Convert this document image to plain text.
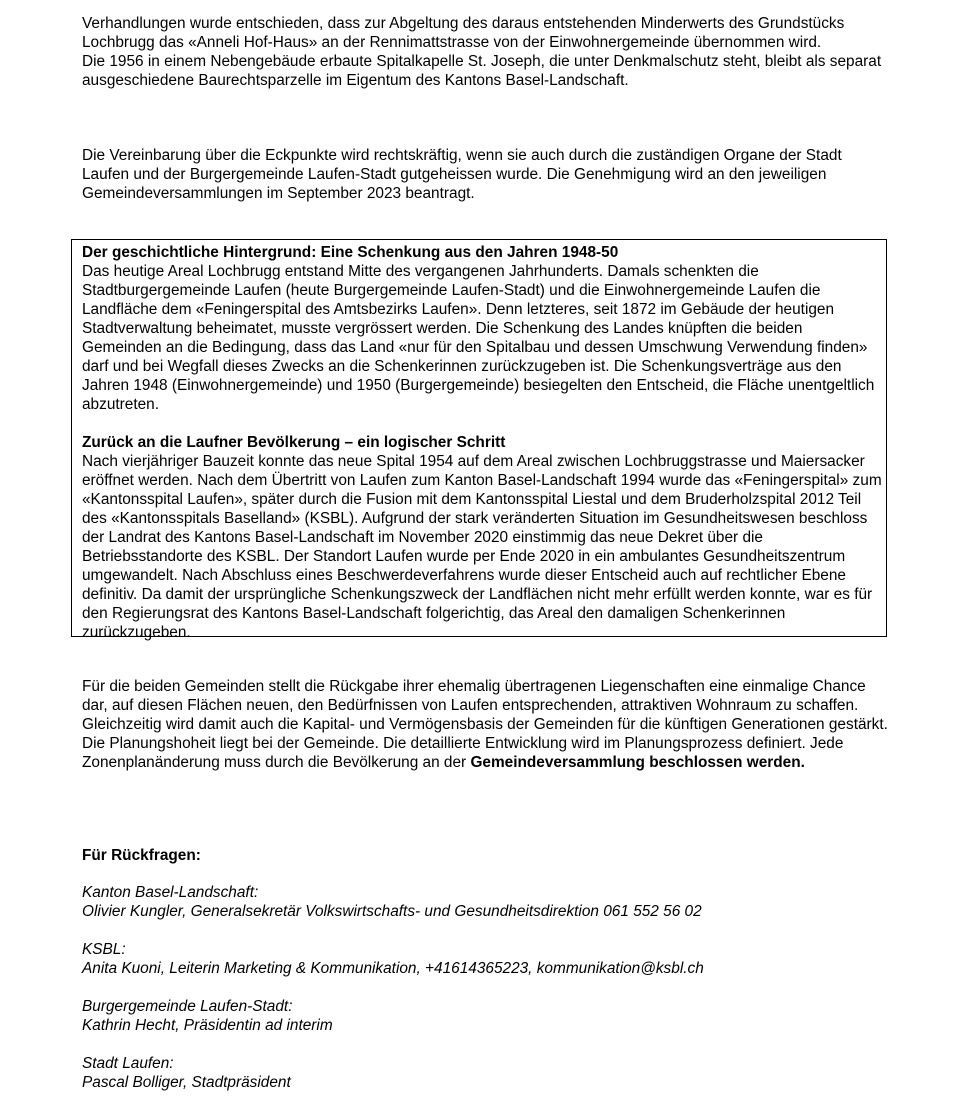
Verhandlungen wurde entschieden, dass zur Abgeltung des daraus entstehenden Minderwerts des Grundstücks Lochbrugg das «Anneli Hof-Haus» an der Rennimattstrasse von der Einwohnergemeinde übernommen wird.

Die 1956 in einem Nebengebäude erbaute Spitalkapelle St. Joseph, die unter Denkmalschutz steht, bleibt als separat ausgeschiedene Baurechtsparzelle im Eigentum des Kantons Basel-Landschaft.

Die Vereinbarung über die Eckpunkte wird rechtskräftig, wenn sie auch durch die zuständigen Organe der Stadt Laufen und der Burgergemeinde Laufen-Stadt gutgeheissen wurde. Die Genehmigung wird an den jeweiligen Gemeindeversammlungen im September 2023 beantragt.

Der geschichtliche Hintergrund: Eine Schenkung aus den Jahren 1948-50

Das heutige Areal Lochbrugg entstand Mitte des vergangenen Jahrhunderts. Damals schenkten die Stadtburgergemeinde Laufen (heute Burgergemeinde Laufen-Stadt) und die Einwohnergemeinde Laufen die Landfläche dem «Feningerspital des Amtsbezirks Laufen». Denn letzteres, seit 1872 im Gebäude der heutigen Stadtverwaltung beheimatet, musste vergrössert werden. Die Schenkung des Landes knüpften die beiden Gemeinden an die Bedingung, dass das Land «nur für den Spitalbau und dessen Umschwung Verwendung finden» darf und bei Wegfall dieses Zwecks an die Schenkerinnen zurückzugeben ist. Die Schenkungsverträge aus den Jahren 1948 (Einwohnergemeinde) und 1950 (Burgergemeinde) besiegelten den Entscheid, die Fläche unentgeltlich abzutreten.

Zurück an die Laufner Bevölkerung – ein logischer Schritt

Nach vierjähriger Bauzeit konnte das neue Spital 1954 auf dem Areal zwischen Lochbruggstrasse und Maiersacker eröffnet werden. Nach dem Übertritt von Laufen zum Kanton Basel-Landschaft 1994 wurde das «Feningerspital» zum «Kantonsspital Laufen», später durch die Fusion mit dem Kantonsspital Liestal und dem Bruderholzspital 2012 Teil des «Kantonsspitals Baselland» (KSBL). Aufgrund der stark veränderten Situation im Gesundheitswesen beschloss der Landrat des Kantons Basel-Landschaft im November 2020 einstimmig das neue Dekret über die Betriebsstandorte des KSBL. Der Standort Laufen wurde per Ende 2020 in ein ambulantes Gesundheitszentrum umgewandelt. Nach Abschluss eines Beschwerdeverfahrens wurde dieser Entscheid auch auf rechtlicher Ebene definitiv. Da damit der ursprüngliche Schenkungszweck der Landflächen nicht mehr erfüllt werden konnte, war es für den Regierungsrat des Kantons Basel-Landschaft folgerichtig, das Areal den damaligen Schenkerinnen zurückzugeben.

Für die beiden Gemeinden stellt die Rückgabe ihrer ehemalig übertragenen Liegenschaften eine einmalige Chance dar, auf diesen Flächen neuen, den Bedürfnissen von Laufen entsprechenden, attraktiven Wohnraum zu schaffen. Gleichzeitig wird damit auch die Kapital- und Vermögensbasis der Gemeinden für die künftigen Generationen gestärkt. Die Planungshoheit liegt bei der Gemeinde. Die detaillierte Entwicklung wird im Planungsprozess definiert. Jede Zonenplanänderung muss durch die Bevölkerung an der Gemeindeversammlung beschlossen werden.

Für Rückfragen:

Kanton Basel-Landschaft:
Olivier Kungler, Generalsekretär Volkswirtschafts- und Gesundheitsdirektion 061 552 56 02

KSBL:
Anita Kuoni, Leiterin Marketing & Kommunikation, +41614365223, kommunikation@ksbl.ch

Burgergemeinde Laufen-Stadt:
Kathrin Hecht, Präsidentin ad interim

Stadt Laufen:
Pascal Bolliger, Stadtpräsident
